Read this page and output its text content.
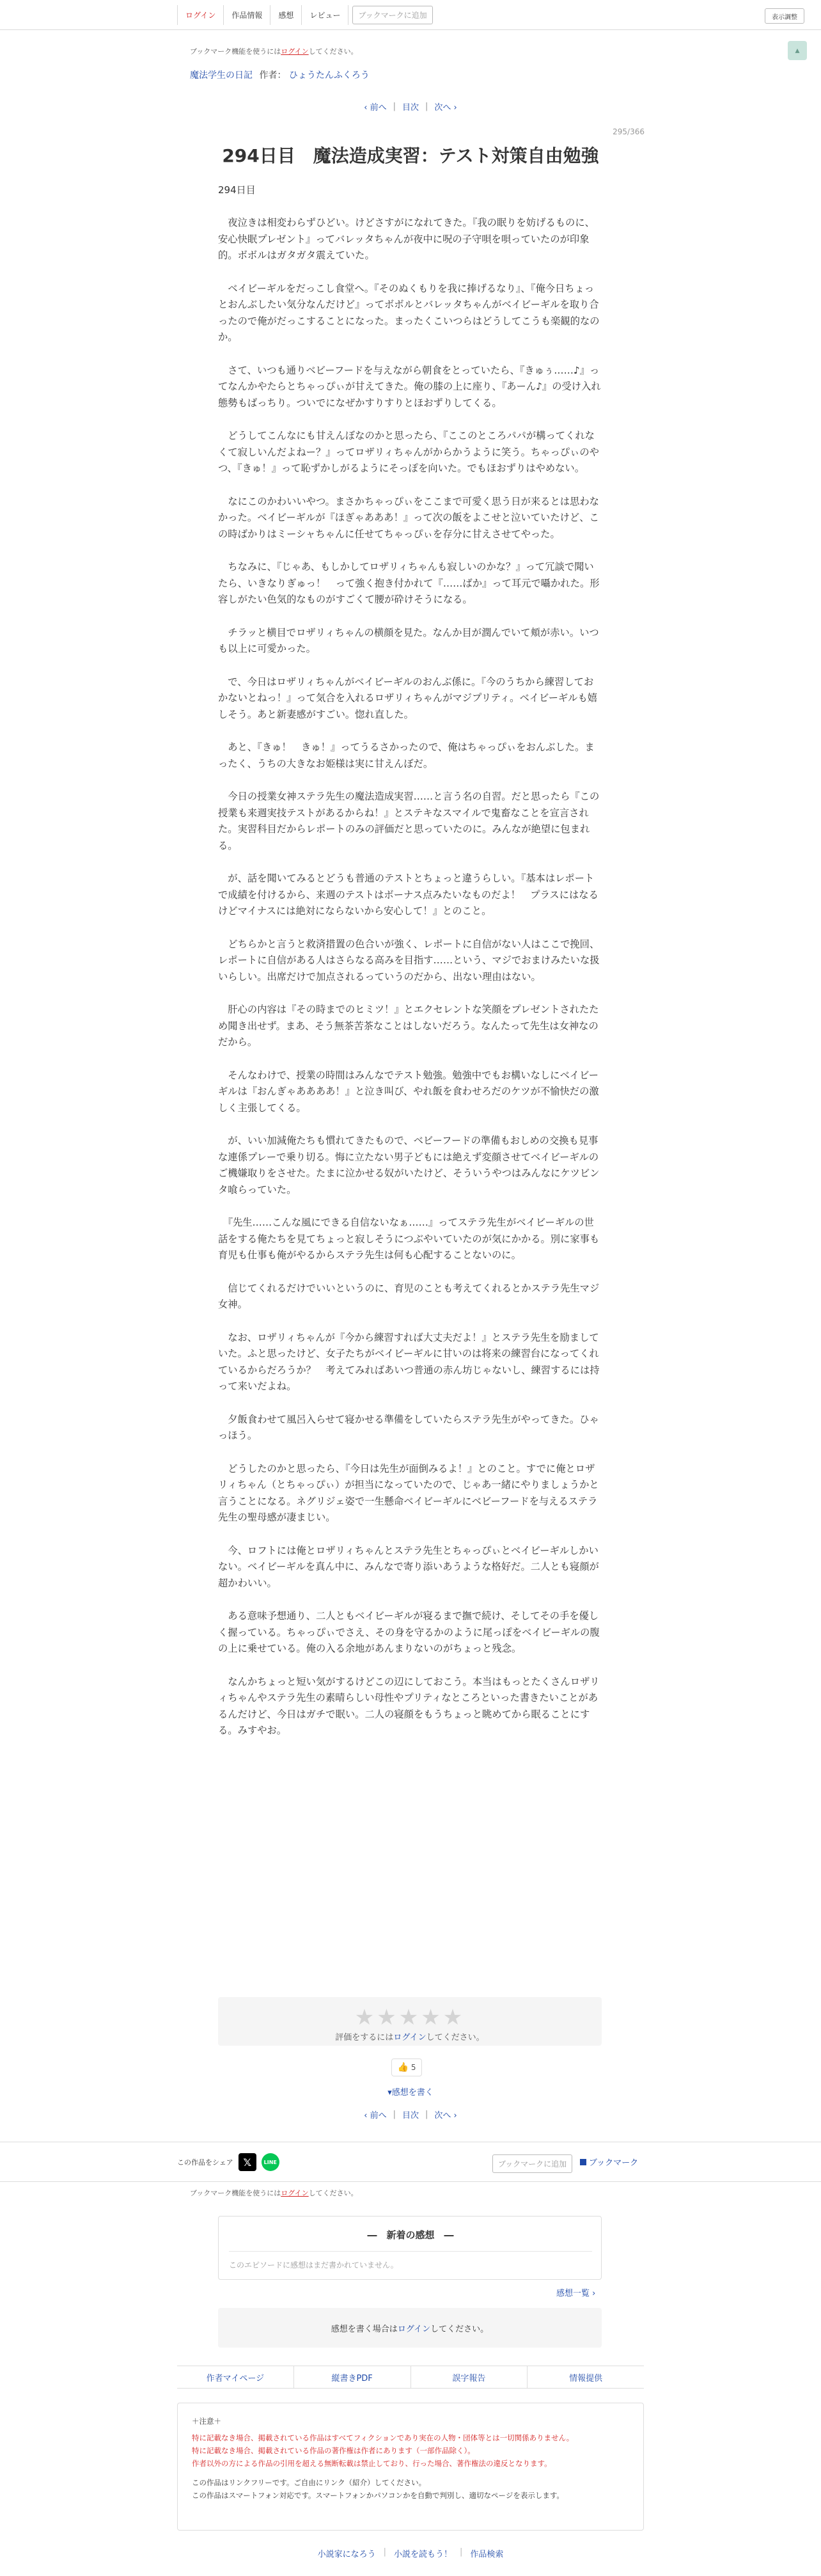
ログイン	作品情報	感想	レビュー	ブックマークに追加	表示調整
ブックマーク機能を使うにはログインしてください。	▴
魔法学生の日記 作者： ひょうたんふくろう
‹ 前へ | 目次 | 次へ ›
295/366
294日目　魔法造成実習：テスト対策自由勉強
294日目

　夜泣きは相変わらずひどい。けどさすがになれてきた。『我の眠りを妨げるものに、安心快眠プレゼント』ってバレッタちゃんが夜中に呪の子守唄を唄っていたのが印象的。ボボルはガタガタ震えていた。

　ベイビーギルをだっこし食堂へ。『そのぬくもりを我に捧げるなり』、『俺今日ちょっとおんぶしたい気分なんだけど』ってボボルとバレッタちゃんがベイビーギルを取り合ったので俺がだっこすることになった。まったくこいつらはどうしてこうも楽観的なのか。

　さて、いつも通りベビーフードを与えながら朝食をとっていたら、『きゅぅ……♪』ってなんかやたらとちゃっぴぃが甘えてきた。俺の膝の上に座り、『あーん♪』の受け入れ態勢もばっちり。ついでになぜかすりすりとほおずりしてくる。

　どうしてこんなにも甘えんぼなのかと思ったら、『ここのところパパが構ってくれなくて寂しいんだよねー？』ってロザリィちゃんがからかうように笑う。ちゃっぴぃのやつ、『きゅ！』って恥ずかしがるようにそっぽを向いた。でもほおずりはやめない。

　なにこのかわいいやつ。まさかちゃっぴぃをここまで可愛く思う日が来るとは思わなかった。ベイビーギルが『ほぎゃあああ！』って次の飯をよこせと泣いていたけど、この時ばかりはミーシャちゃんに任せてちゃっぴぃを存分に甘えさせてやった。

　ちなみに、『じゃあ、もしかしてロザリィちゃんも寂しいのかな？』って冗談で聞いたら、いきなりぎゅっ！　って強く抱き付かれて『……ばか』って耳元で囁かれた。形容しがたい色気的なものがすごくて腰が砕けそうになる。

　チラッと横目でロザリィちゃんの横顔を見た。なんか目が潤んでいて頬が赤い。いつも以上に可愛かった。

　で、今日はロザリィちゃんがベイビーギルのおんぶ係に。『今のうちから練習しておかないとねっ！』って気合を入れるロザリィちゃんがマジプリティ。ベイビーギルも嬉しそう。あと新妻感がすごい。惚れ直した。

　あと、『きゅ！　きゅ！』ってうるさかったので、俺はちゃっぴぃをおんぶした。まったく、うちの大きなお姫様は実に甘えんぼだ。

　今日の授業女神ステラ先生の魔法造成実習……と言う名の自習。だと思ったら『この授業も来週実技テストがあるからね！』とステキなスマイルで鬼畜なことを宣言された。実習科目だからレポートのみの評価だと思っていたのに。みんなが絶望に包まれる。

　が、話を聞いてみるとどうも普通のテストとちょっと違うらしい。『基本はレポートで成績を付けるから、来週のテストはボーナス点みたいなものだよ！　プラスにはなるけどマイナスには絶対にならないから安心して！』とのこと。

　どちらかと言うと救済措置の色合いが強く、レポートに自信がない人はここで挽回、レポートに自信がある人はさらなる高みを目指す……という、マジでおまけみたいな扱いらしい。出席だけで加点されるっていうのだから、出ない理由はない。

　肝心の内容は『その時までのヒミツ！』とエクセレントな笑顔をプレゼントされたため聞き出せず。まあ、そう無茶苦茶なことはしないだろう。なんたって先生は女神なのだから。

　そんなわけで、授業の時間はみんなでテスト勉強。勉強中でもお構いなしにベイビーギルは『おんぎゃああああ！』と泣き叫び、やれ飯を食わせろだのケツが不愉快だの激しく主張してくる。

　が、いい加減俺たちも慣れてきたもので、ベビーフードの準備もおしめの交換も見事な連係プレーで乗り切る。悔に立たない男子どもには絶えず変顔させてベイビーギルのご機嫌取りをさせた。たまに泣かせる奴がいたけど、そういうやつはみんなにケツビンタ喰らっていた。

　『先生……こんな風にできる自信ないなぁ……』ってステラ先生がベイビーギルの世話をする俺たちを見てちょっと寂しそうにつぶやいていたのが気にかかる。別に家事も育児も仕事も俺がやるからステラ先生は何も心配することないのに。

　信じてくれるだけでいいというのに、育児のことも考えてくれるとかステラ先生マジ女神。

　なお、ロザリィちゃんが『今から練習すれば大丈夫だよ！』とステラ先生を励ましていた。ふと思ったけど、女子たちがベイビーギルに甘いのは将来の練習台になってくれているからだろうか？　考えてみればあいつ普通の赤ん坊じゃないし、練習するには持って来いだよね。

　夕飯食わせて風呂入らせて寝かせる準備をしていたらステラ先生がやってきた。ひゃっほう。

　どうしたのかと思ったら、『今日は先生が面倒みるよ！』とのこと。すでに俺とロザリィちゃん（とちゃっぴぃ）が担当になっていたので、じゃあ一緒にやりましょうかと言うことになる。ネグリジェ姿で一生懸命ベイビーギルにベビーフードを与えるステラ先生の聖母感が凄まじい。

　今、ロフトには俺とロザリィちゃんとステラ先生とちゃっぴぃとベイビーギルしかいない。ベイビーギルを真ん中に、みんなで寄り添いあうような格好だ。二人とも寝顔が超かわいい。

　ある意味予想通り、二人ともベイビーギルが寝るまで撫で続け、そしてその手を優しく握っている。ちゃっぴぃでさえ、その身を守るかのように尾っぽをベイビーギルの腹の上に乗せている。俺の入る余地があんまりないのがちょっと残念。

　なんかちょっと短い気がするけどこの辺にしておこう。本当はもっとたくさんロザリィちゃんやステラ先生の素晴らしい母性やプリティなところといった書きたいことがあるんだけど、今日はガチで眠い。二人の寝顔をもうちょっと眺めてから眠ることにする。みすやお。

★★★★★
評価をするにはログインしてください。
👍 5
▾感想を書く
‹ 前へ | 目次 | 次へ ›
この作品をシェア 𝕏	LINE	ブックマークに追加	ブックマーク
ブックマーク機能を使うにはログインしてください。
―　新着の感想　―
このエピソードに感想はまだ書かれていません。
感想一覧 ›
感想を書く場合は ログイン してください。
作者マイページ	縦書きPDF	誤字報告	情報提供
＋注意＋
特に記載なき場合、掲載されている作品はすべてフィクションであり実在の人物・団体等とは一切関係ありません。
特に記載なき場合、掲載されている作品の著作権は作者にあります（一部作品除く）。
作者以外の方による作品の引用を超える無断転載は禁止しており、行った場合、著作権法の違反となります。
この作品はリンクフリーです。ご自由にリンク（紹介）してください。
この作品はスマートフォン対応です。スマートフォンかパソコンかを自動で判別し、適切なページを表示します。
小説家になろう | 小説を読もう！ | 作品検索
